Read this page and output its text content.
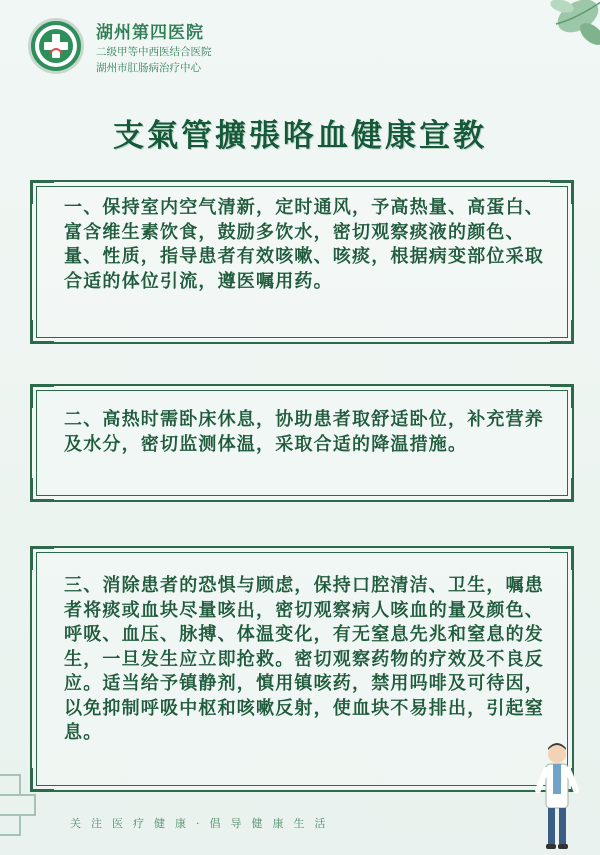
湖州第四医院
二级甲等中西医结合医院
湖州市肛肠病治疗中心
支氣管擴張咯血健康宣教

一、保持室内空气清新，定时通风，予高热量、高蛋白、富含维生素饮食，鼓励多饮水，密切观察痰液的颜色、量、性质，指导患者有效咳嗽、咳痰，根据病变部位采取合适的体位引流，遵医嘱用药。

二、高热时需卧床休息，协助患者取舒适卧位，补充营养及水分，密切监测体温，采取合适的降温措施。

三、消除患者的恐惧与顾虑，保持口腔清洁、卫生，嘱患者将痰或血块尽量咳出，密切观察病人咳血的量及颜色、呼吸、血压、脉搏、体温变化，有无窒息先兆和窒息的发生，一旦发生应立即抢救。密切观察药物的疗效及不良反应。适当给予镇静剂，慎用镇咳药，禁用吗啡及可待因，以免抑制呼吸中枢和咳嗽反射，使血块不易排出，引起窒息。

关注医疗健康·倡导健康生活
